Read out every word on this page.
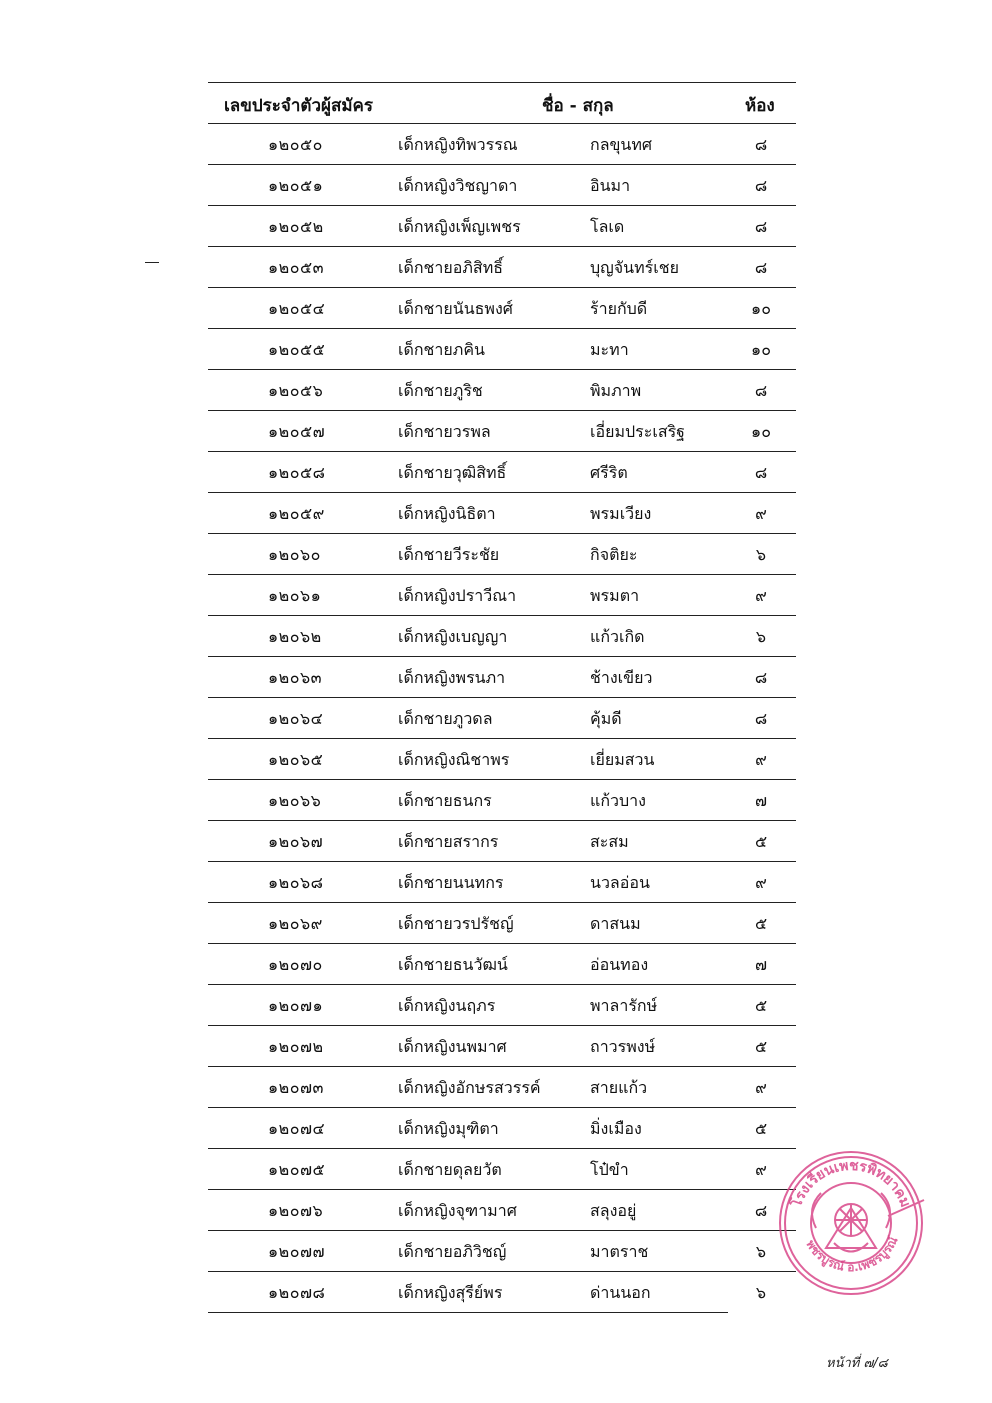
เลขประจำตัวผู้สมัคร	ชื่อ - สกุล	ห้อง
๑๒๐๕๐	เด็กหญิงทิพวรรณ	กลขุนทศ	๘
๑๒๐๕๑	เด็กหญิงวิชญาดา	อินมา	๘
๑๒๐๕๒	เด็กหญิงเพ็ญเพชร	โลเด	๘
๑๒๐๕๓	เด็กชายอภิสิทธิ์	บุญจันทร์เชย	๘
๑๒๐๕๔	เด็กชายนันธพงศ์	ร้ายกับดี	๑๐
๑๒๐๕๕	เด็กชายภคิน	มะทา	๑๐
๑๒๐๕๖	เด็กชายภูริช	พิมภาพ	๘
๑๒๐๕๗	เด็กชายวรพล	เอี่ยมประเสริฐ	๑๐
๑๒๐๕๘	เด็กชายวุฒิสิทธิ์	ศรีริต	๘
๑๒๐๕๙	เด็กหญิงนิธิตา	พรมเวียง	๙
๑๒๐๖๐	เด็กชายวีระชัย	กิจติยะ	๖
๑๒๐๖๑	เด็กหญิงปราวีณา	พรมตา	๙
๑๒๐๖๒	เด็กหญิงเบญญา	แก้วเกิด	๖
๑๒๐๖๓	เด็กหญิงพรนภา	ช้างเขียว	๘
๑๒๐๖๔	เด็กชายภูวดล	คุ้มดี	๘
๑๒๐๖๕	เด็กหญิงณิชาพร	เยี่ยมสวน	๙
๑๒๐๖๖	เด็กชายธนกร	แก้วบาง	๗
๑๒๐๖๗	เด็กชายสรากร	สะสม	๕
๑๒๐๖๘	เด็กชายนนทกร	นวลอ่อน	๙
๑๒๐๖๙	เด็กชายวรปรัชญ์	ดาสนม	๕
๑๒๐๗๐	เด็กชายธนวัฒน์	อ่อนทอง	๗
๑๒๐๗๑	เด็กหญิงนฤภร	พาลารักษ์	๕
๑๒๐๗๒	เด็กหญิงนพมาศ	ถาวรพงษ์	๕
๑๒๐๗๓	เด็กหญิงอักษรสวรรค์	สายแก้ว	๙
๑๒๐๗๔	เด็กหญิงมุฑิตา	มิ่งเมือง	๕
๑๒๐๗๕	เด็กชายดุลยวัต	โป๋ขำ	๙
๑๒๐๗๖	เด็กหญิงจุฑามาศ	สลุงอยู่	๘
๑๒๐๗๗	เด็กชายอภิวิชญ์	มาตราช	๖
๑๒๐๗๘	เด็กหญิงสุรีย์พร	ด่านนอก	๖
โรงเรียนเพชรพิทยาคม
พชรบูรณ์ อ.เพชรบูรณ์
หน้าที่ ๗/๘
